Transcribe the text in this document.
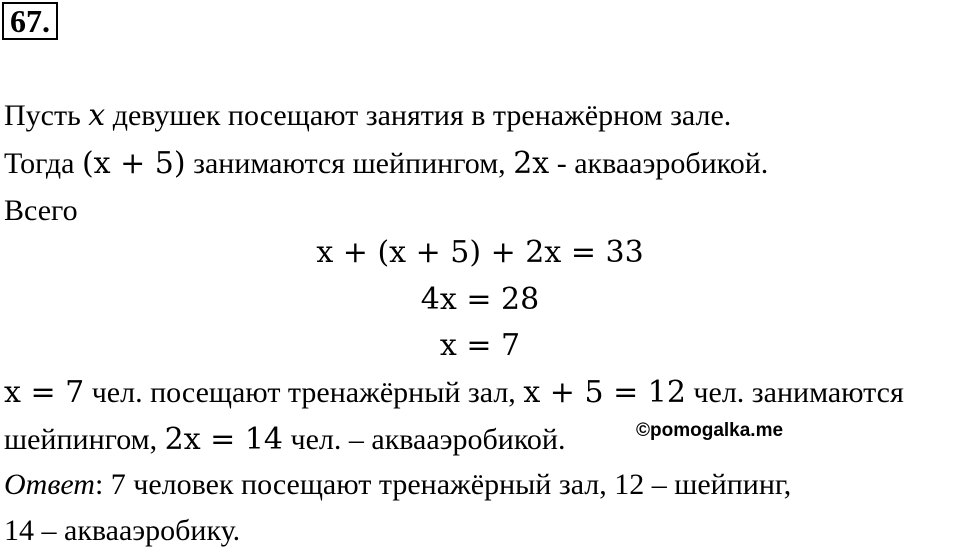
67.
Пусть x девушек посещают занятия в тренажёрном зале.
Тогда (x + 5) занимаются шейпингом, 2x - аквааэробикой.
Всего
x + (x + 5) + 2x = 33
4x = 28
x = 7
x = 7 чел. посещают тренажёрный зал, x + 5 = 12 чел. занимаются
шейпингом, 2x = 14 чел. – аквааэробикой.	©pomogalka.me
Ответ: 7 человек посещают тренажёрный зал, 12 – шейпинг,
14 – аквааэробику.
